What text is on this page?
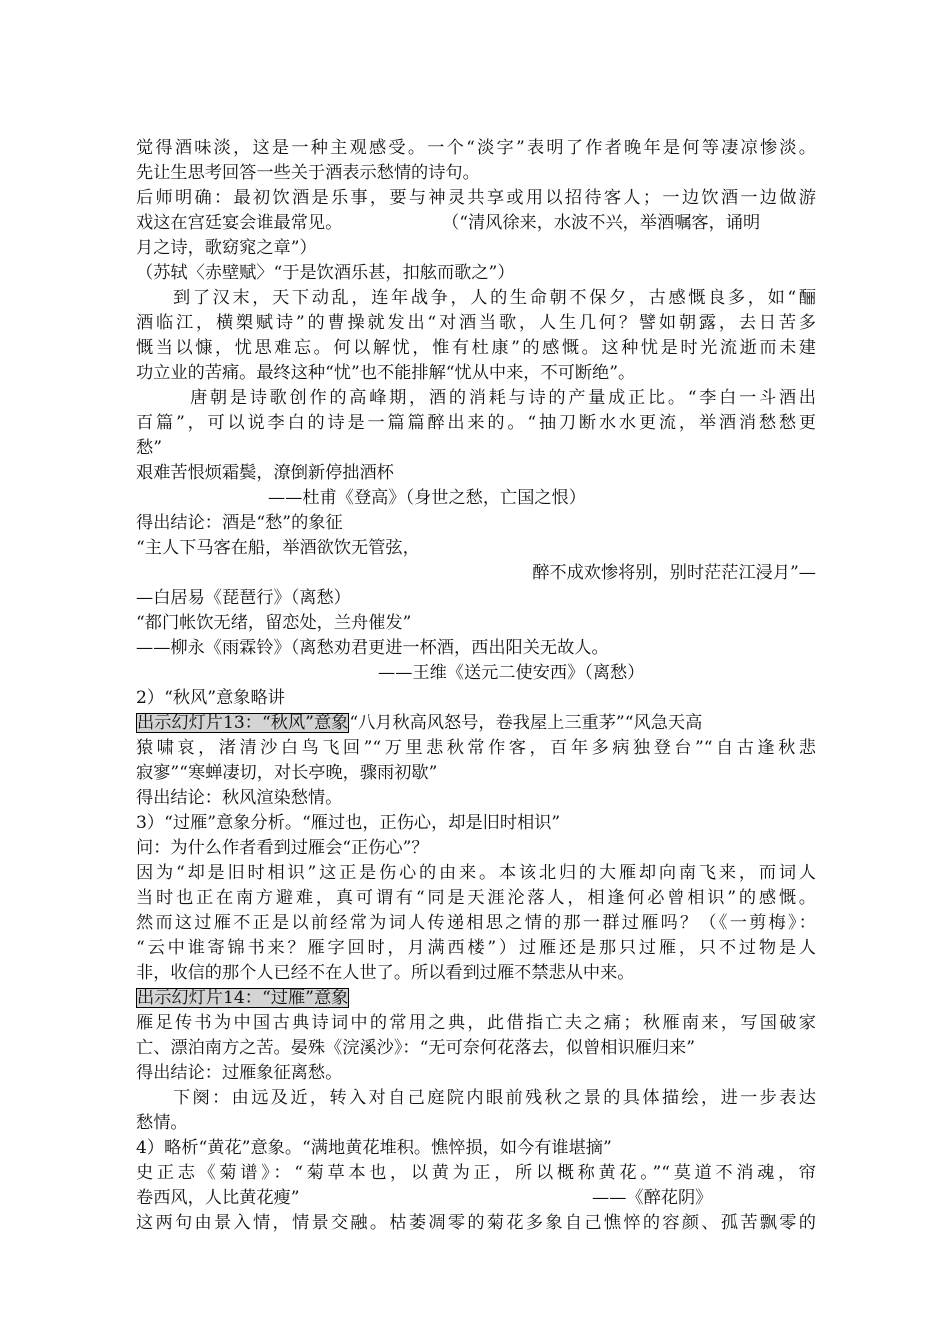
觉得酒味淡，这是一种主观感受。一个“淡字”表明了作者晚年是何等凄凉惨淡。
先让生思考回答一些关于酒表示愁情的诗句。
后师明确：最初饮酒是乐事，要与神灵共享或用以招待客人；一边饮酒一边做游
戏这在宫廷宴会谁最常见。	（“清风徐来，水波不兴，举酒嘱客，诵明
月之诗，歌窈窕之章”）
（苏轼〈赤壁赋〉“于是饮酒乐甚，扣舷而歌之”）
到了汉末，天下动乱，连年战争，人的生命朝不保夕，古感慨良多，如“酾
酒临江，横槊赋诗”的曹操就发出“对酒当歌，人生几何？譬如朝露，去日苦多
慨当以慷，忧思难忘。何以解忧，惟有杜康”的感慨。这种忧是时光流逝而未建
功立业的苦痛。最终这种“忧”也不能排解“忧从中来，不可断绝”。
唐朝是诗歌创作的高峰期，酒的消耗与诗的产量成正比。“李白一斗酒出
百篇”，可以说李白的诗是一篇篇醉出来的。“抽刀断水水更流，举酒消愁愁更
愁”
艰难苦恨烦霜鬓，潦倒新停拙酒杯
——杜甫《登高》（身世之愁，亡国之恨）
得出结论：酒是“愁”的象征
“主人下马客在船，举酒欲饮无管弦，
醉不成欢惨将别，别时茫茫江浸月”—
—白居易《琵琶行》（离愁）
“都门帐饮无绪，留恋处，兰舟催发”
——柳永《雨霖铃》（离愁劝君更进一杯酒，西出阳关无故人。
——王维《送元二使安西》（离愁）
2）“秋风”意象略讲
出示幻灯片13：“秋风”意象“八月秋高风怒号，卷我屋上三重茅”“风急天高
猿啸哀，渚清沙白鸟飞回”“万里悲秋常作客，百年多病独登台”“自古逢秋悲
寂寥”“寒蝉凄切，对长亭晚，骤雨初歇”
得出结论：秋风渲染愁情。
3）“过雁”意象分析。“雁过也，正伤心，却是旧时相识”
问：为什么作者看到过雁会“正伤心”？
因为“却是旧时相识”这正是伤心的由来。本该北归的大雁却向南飞来，而词人
当时也正在南方避难，真可谓有“同是天涯沦落人，相逢何必曾相识”的感慨。
然而这过雁不正是以前经常为词人传递相思之情的那一群过雁吗？（《一剪梅》：
“云中谁寄锦书来？雁字回时，月满西楼”）过雁还是那只过雁，只不过物是人
非，收信的那个人已经不在人世了。所以看到过雁不禁悲从中来。
出示幻灯片14：“过雁”意象
雁足传书为中国古典诗词中的常用之典，此借指亡夫之痛；秋雁南来，写国破家
亡、漂泊南方之苦。晏殊《浣溪沙》：“无可奈何花落去，似曾相识雁归来”
得出结论：过雁象征离愁。
下阕：由远及近，转入对自己庭院内眼前残秋之景的具体描绘，进一步表达
愁情。
4）略析“黄花”意象。“满地黄花堆积。憔悴损，如今有谁堪摘”
史正志《菊谱》：“菊草本也，以黄为正，所以概称黄花。”“莫道不消魂，帘
卷西风，人比黄花瘦”	——《醉花阴》
这两句由景入情，情景交融。枯萎凋零的菊花多象自己憔悴的容颜、孤苦飘零的
